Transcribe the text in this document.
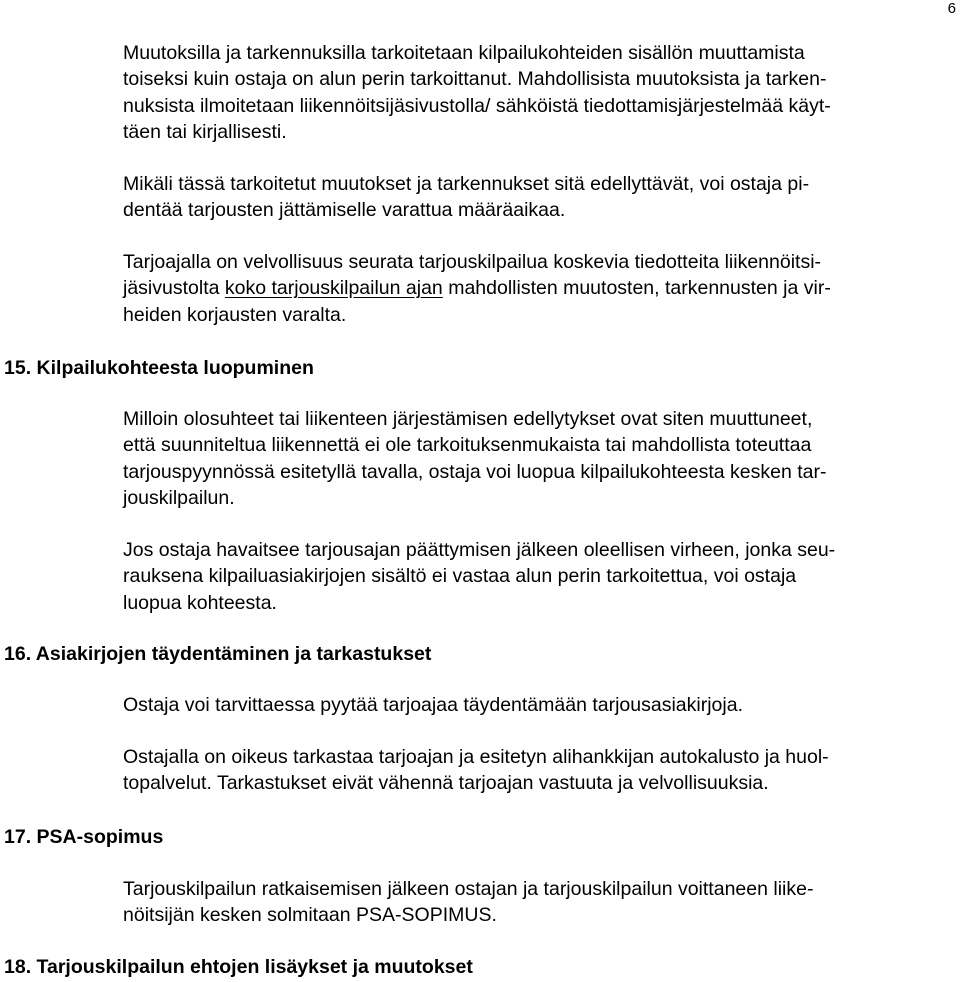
6
Muutoksilla ja tarkennuksilla tarkoitetaan kilpailukohteiden sisällön muuttamista
toiseksi kuin ostaja on alun perin tarkoittanut. Mahdollisista muutoksista ja tarken-
nuksista ilmoitetaan liikennöitsijäsivustolla/ sähköistä tiedottamisjärjestelmää käyt-
täen tai kirjallisesti.
Mikäli tässä tarkoitetut muutokset ja tarkennukset sitä edellyttävät, voi ostaja pi-
dentää tarjousten jättämiselle varattua määräaikaa.
Tarjoajalla on velvollisuus seurata tarjouskilpailua koskevia tiedotteita liikennöitsi-
jäsivustolta koko tarjouskilpailun ajan mahdollisten muutosten, tarkennusten ja vir-
heiden korjausten varalta.
15. Kilpailukohteesta luopuminen
Milloin olosuhteet tai liikenteen järjestämisen edellytykset ovat siten muuttuneet,
että suunniteltua liikennettä ei ole tarkoituksenmukaista tai mahdollista toteuttaa
tarjouspyynnössä esitetyllä tavalla, ostaja voi luopua kilpailukohteesta kesken tar-
jouskilpailun.
Jos ostaja havaitsee tarjousajan päättymisen jälkeen oleellisen virheen, jonka seu-
rauksena kilpailuasiakirjojen sisältö ei vastaa alun perin tarkoitettua, voi ostaja
luopua kohteesta.
16. Asiakirjojen täydentäminen ja tarkastukset
Ostaja voi tarvittaessa pyytää tarjoajaa täydentämään tarjousasiakirjoja.
Ostajalla on oikeus tarkastaa tarjoajan ja esitetyn alihankkijan autokalusto ja huol-
topalvelut. Tarkastukset eivät vähennä tarjoajan vastuuta ja velvollisuuksia.
17. PSA-sopimus
Tarjouskilpailun ratkaisemisen jälkeen ostajan ja tarjouskilpailun voittaneen liike-
nöitsijän kesken solmitaan PSA-SOPIMUS.
18. Tarjouskilpailun ehtojen lisäykset ja muutokset
